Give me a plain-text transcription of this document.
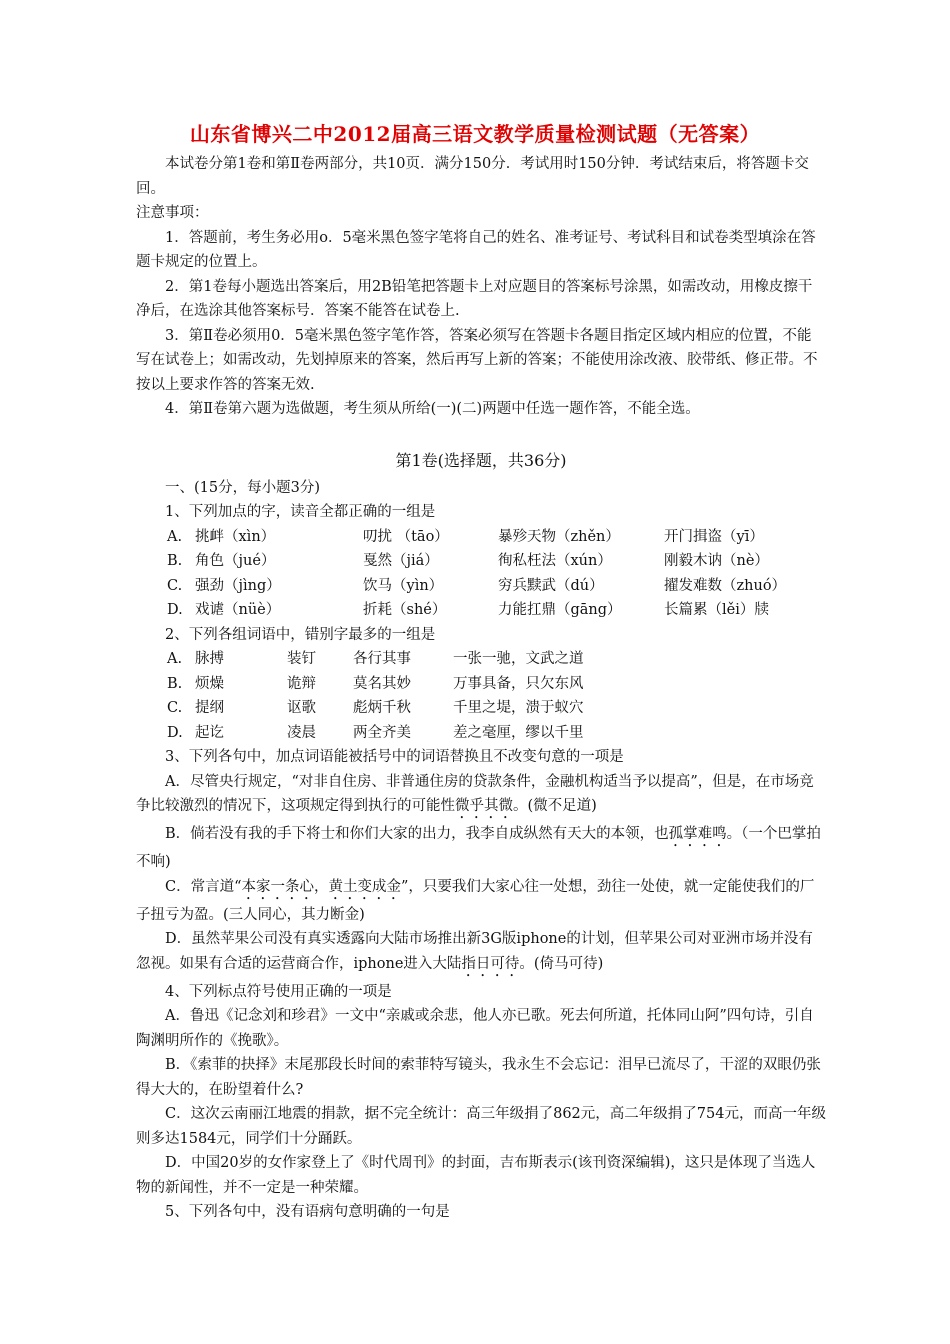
山东省博兴二中2012届高三语文教学质量检测试题（无答案）

本试卷分第1卷和第Ⅱ卷两部分，共10页．满分150分．考试用时150分钟．考试结束后，将答题卡交回。

注意事项：

1．答题前，考生务必用o．5毫米黑色签字笔将自己的姓名、准考证号、考试科目和试卷类型填涂在答题卡规定的位置上。

2．第1卷每小题选出答案后，用2B铅笔把答题卡上对应题目的答案标号涂黑，如需改动，用橡皮擦干净后，在选涂其他答案标号．答案不能答在试卷上.

3．第Ⅱ卷必须用0．5毫米黑色签字笔作答，答案必须写在答题卡各题目指定区域内相应的位置，不能写在试卷上；如需改动，先划掉原来的答案，然后再写上新的答案；不能使用涂改液、胶带纸、修正带。不按以上要求作答的答案无效.

4．第Ⅱ卷第六题为选做题，考生须从所给(一)(二)两题中任选一题作答，不能全选。

第1卷(选择题，共36分)

一、(15分，每小题3分)

1、下列加点的字，读音全都正确的一组是

A. 挑衅（xìn）	叨扰 （tāo）	暴殄天物（zhěn）	开门揖盗（yī）
B. 角色（jué）	戛然（jiá）	徇私枉法（xún）	刚毅木讷（nè）
C. 强劲（jìng）	饮马（yìn）	穷兵黩武（dú）	擢发难数（zhuó）
D. 戏谑（nüè）	折耗（shé）	力能扛鼎（gāng）	长篇累（lěi）牍

2、下列各组词语中，错别字最多的一组是

A. 脉搏	装钉	各行其事	一张一驰，文武之道
B. 烦燥	诡辩	莫名其妙	万事具备，只欠东风
C. 提纲	讴歌	彪炳千秋	千里之堤，溃于蚁穴
D. 起讫	凌晨	两全齐美	差之毫厘，缪以千里

3、下列各句中，加点词语能被括号中的词语替换且不改变句意的一项是

A．尽管央行规定，“对非自住房、非普通住房的贷款条件，金融机构适当予以提高”，但是，在市场竞争比较激烈的情况下，这项规定得到执行的可能性微乎其微。(微不足道)

B．倘若没有我的手下将士和你们大家的出力，我李自成纵然有天大的本领，也孤掌难鸣。（一个巴掌拍不响)

C．常言道“本家一条心，黄土变成金”，只要我们大家心往一处想，劲往一处使，就一定能使我们的厂子扭亏为盈。(三人同心，其力断金)

D．虽然苹果公司没有真实透露向大陆市场推出新3G版iphone的计划，但苹果公司对亚洲市场并没有忽视。如果有合适的运营商合作，iphone进入大陆指日可待。(倚马可待)

4、下列标点符号使用正确的一项是

A．鲁迅《记念刘和珍君》一文中“亲戚或余悲，他人亦已歌。死去何所道，托体同山阿”四句诗，引自陶渊明所作的《挽歌》。

B．《索菲的抉择》末尾那段长时间的索菲特写镜头，我永生不会忘记：泪早已流尽了，干涩的双眼仍张得大大的，在盼望着什么?

C．这次云南丽江地震的捐款，据不完全统计：高三年级捐了862元，高二年级捐了754元，而高一年级则多达1584元，同学们十分踊跃。

D．中国20岁的女作家登上了《时代周刊》的封面，吉布斯表示(该刊资深编辑)，这只是体现了当选人物的新闻性，并不一定是一种荣耀。

5、下列各句中，没有语病句意明确的一句是
